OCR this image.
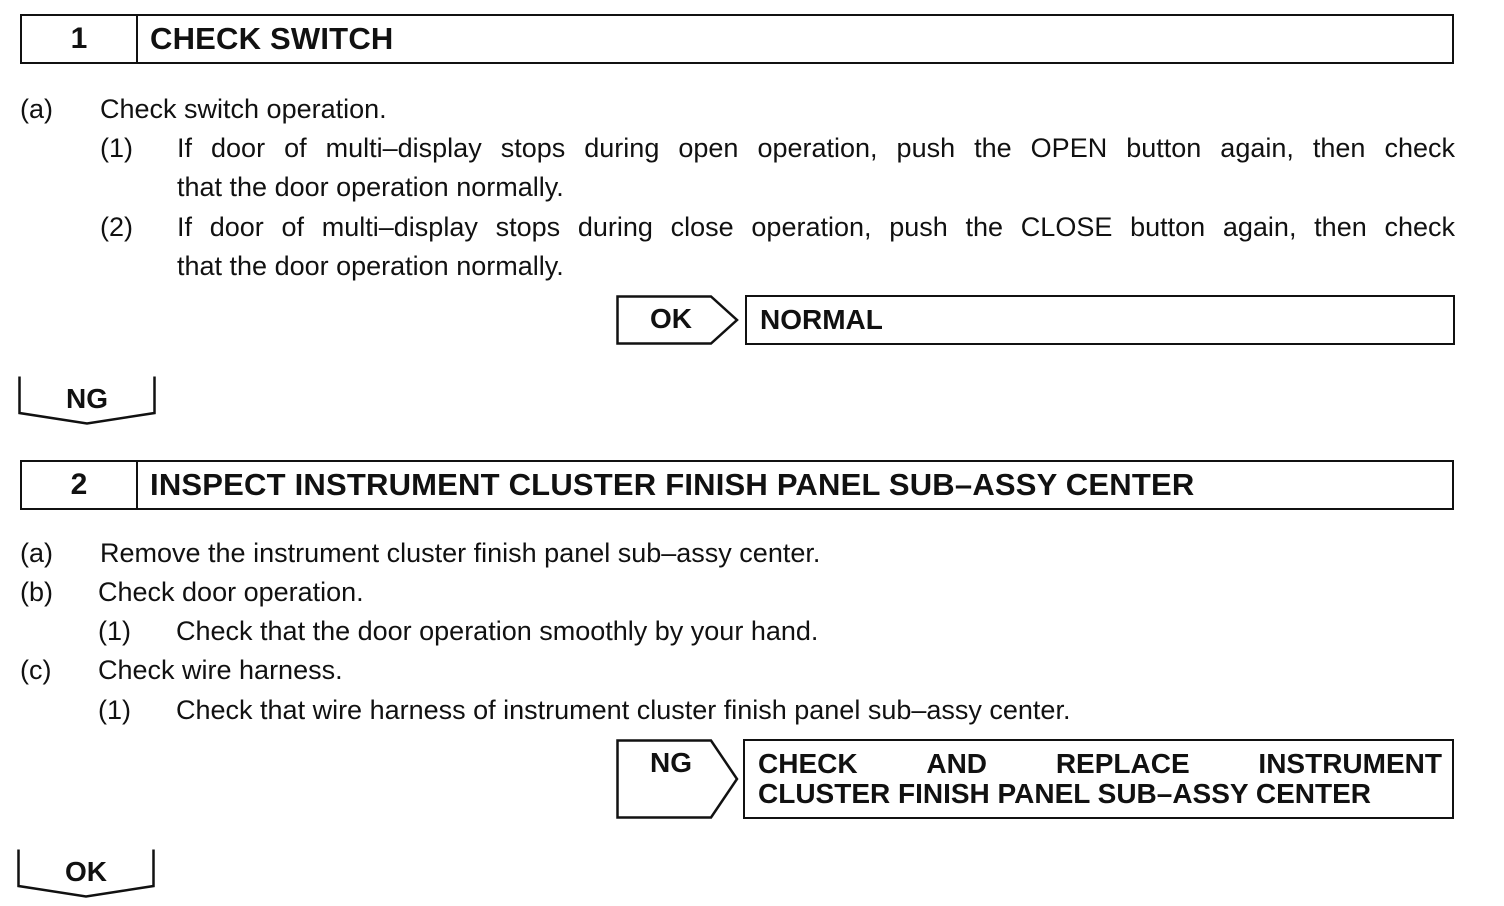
1	CHECK SWITCH
(a) Check switch operation.
(1) If door of multi–display stops during open operation, push the OPEN button again, then check
that the door operation normally.
(2) If door of multi–display stops during close operation, push the CLOSE button again, then check
that the door operation normally.
OK	NORMAL
NG
2	INSPECT INSTRUMENT CLUSTER FINISH PANEL SUB–ASSY CENTER
(a) Remove the instrument cluster finish panel sub–assy center.
(b) Check door operation.
(1) Check that the door operation smoothly by your hand.
(c) Check wire harness.
(1) Check that wire harness of instrument cluster finish panel sub–assy center.
NG CHECK AND REPLACE INSTRUMENT
CLUSTER FINISH PANEL SUB–ASSY CENTER
OK
